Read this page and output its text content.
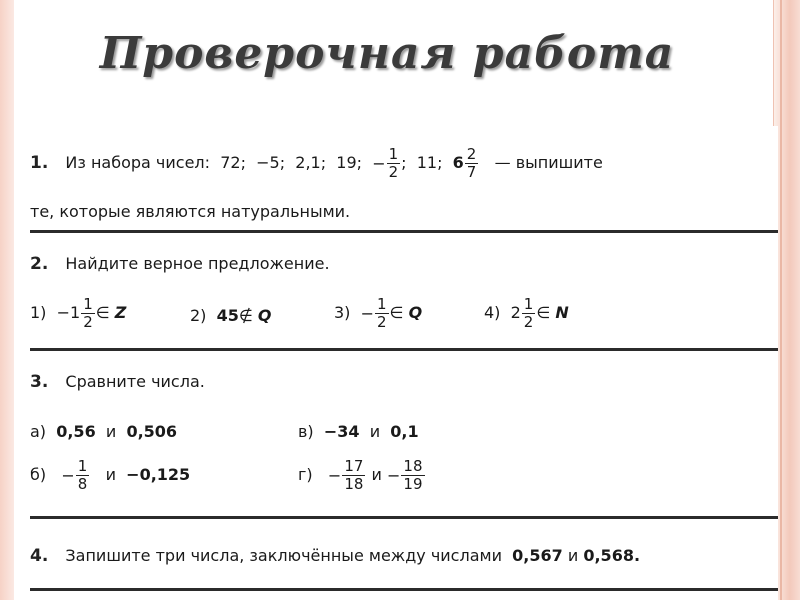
Проверочная работа
1. Из набора чисел: 72; −5; 2,1; 19; − $\frac{1}{2}$ ; 11; $6 \frac{2}{7}$ — выпишите
те, которые являются натуральными.
2. Найдите верное предложение.
$1) -1 \frac{1}{2}$ ∈ Z	2) 45∉ Q	$3) - \frac{1}{2}$ ∈ Q	4) $2 \frac{1}{2}$ ∈ N
3. Сравните числа.
а) 0,56 и 0,506	в) −34 и 0,1
$б) - \frac{1}{8}$ и −0,125	$г) - \frac{17}{18}$ $и - \frac{18}{19}$
4. Запишите три числа, заключённые между числами 0,567 и 0,568.
